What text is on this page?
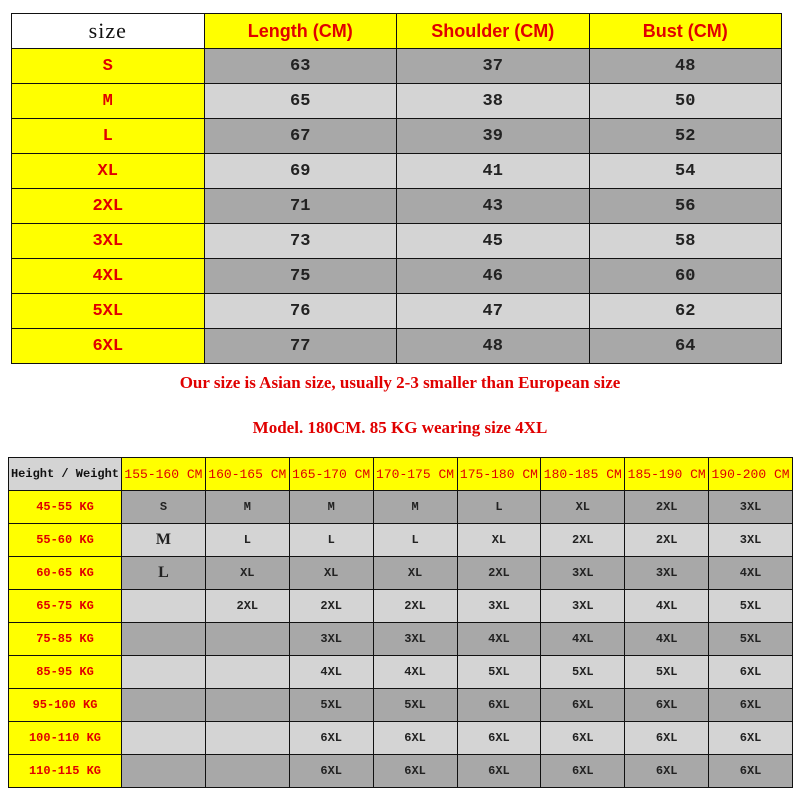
size	Length (CM)	Shoulder (CM)	Bust (CM)
S	63	37	48
M	65	38	50
L	67	39	52
XL	69	41	54
2XL	71	43	56
3XL	73	45	58
4XL	75	46	60
5XL	76	47	62
6XL	77	48	64
Our size is Asian size, usually 2-3 smaller than European size
Model. 180CM. 85 KG wearing size 4XL
Height / Weight	155-160 CM	160-165 CM	165-170 CM	170-175 CM	175-180 CM	180-185 CM	185-190 CM	190-200 CM
45-55 KG	S	M	M	M	L	XL	2XL	3XL
55-60 KG	M	L	L	L	XL	2XL	2XL	3XL
60-65 KG	L	XL	XL	XL	2XL	3XL	3XL	4XL
65-75 KG		2XL	2XL	2XL	3XL	3XL	4XL	5XL
75-85 KG			3XL	3XL	4XL	4XL	4XL	5XL
85-95 KG			4XL	4XL	5XL	5XL	5XL	6XL
95-100 KG			5XL	5XL	6XL	6XL	6XL	6XL
100-110 KG			6XL	6XL	6XL	6XL	6XL	6XL
110-115 KG			6XL	6XL	6XL	6XL	6XL	6XL
